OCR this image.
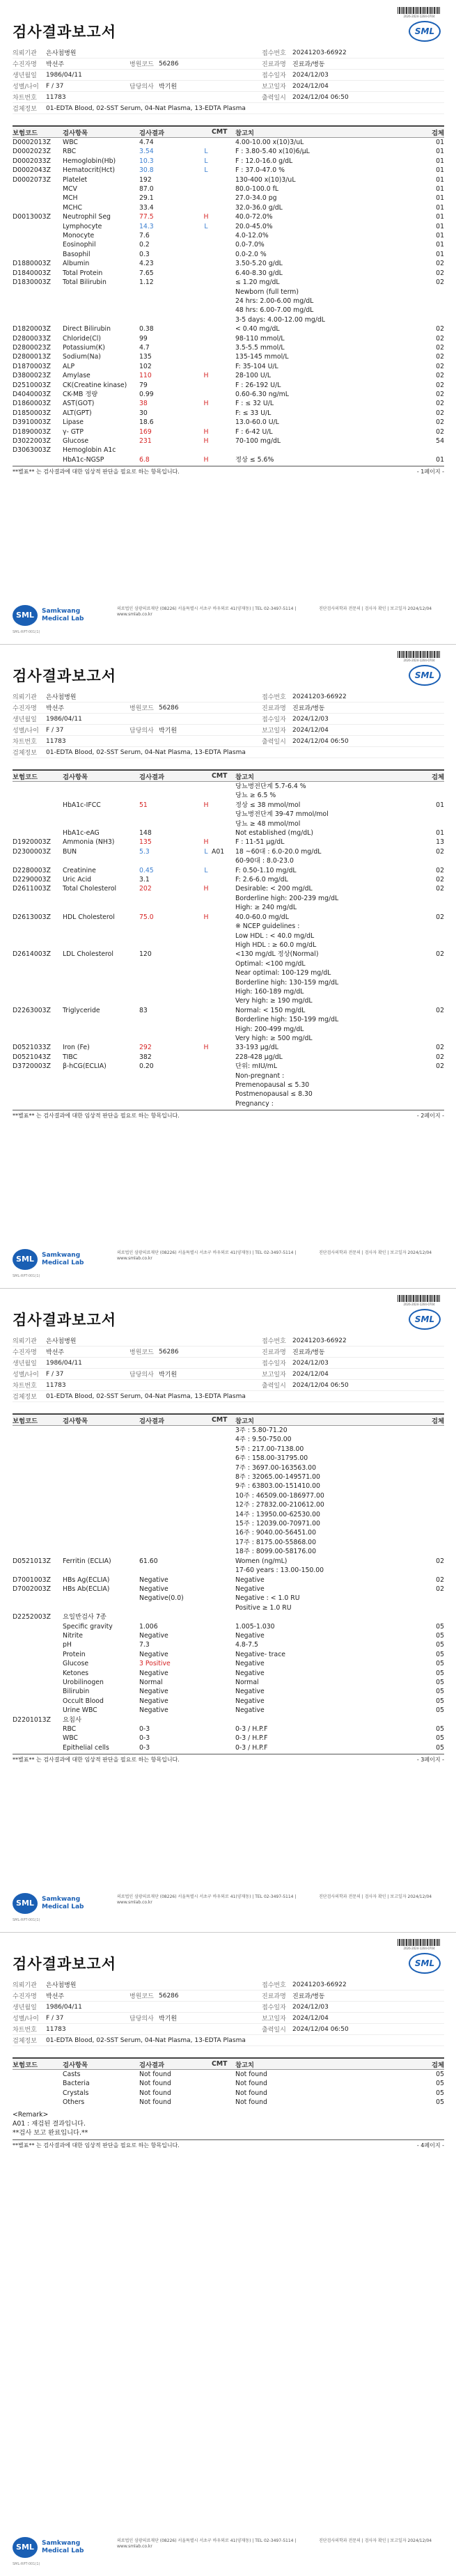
2026-2024-1204-0704
검사결과보고서	SML
의뢰기관	은사첨병원	접수번호	20241203-66922
수진자명	박선주	병원코드 56286	진료과명	진료과/병동
생년월일	1986/04/11	접수일자	2024/12/03
성별/나이	F / 37	담당의사 박기원	보고일자	2024/12/04
차트번호	11783	출력일시	2024/12/04 06:50
검체정보	01-EDTA Blood, 02-SST Serum, 04-Nat Plasma, 13-EDTA Plasma
보험코드	검사항목	검사결과	CMT	참고치	검체
D0002013Z	WBC	4.74	4.00-10.00 x(10)3/uL	01
D0002023Z	RBC	3.54	L	F : 3.80-5.40 x(10)6/μL	01
D0002033Z	Hemoglobin(Hb)	10.3	L	F : 12.0-16.0 g/dL	01
D0002043Z	Hematocrit(Hct)	30.8	L	F : 37.0-47.0 %	01
D0002073Z	Platelet	192	130-400 x(10)3/uL	01
MCV	87.0	80.0-100.0 fL	01
MCH	29.1	27.0-34.0 pg	01
MCHC	33.4	32.0-36.0 g/dL	01
D0013003Z	Neutrophil Seg	77.5	H	40.0-72.0%	01
Lymphocyte	14.3	L	20.0-45.0%	01
Monocyte	7.6	4.0-12.0%	01
Eosinophil	0.2	0.0-7.0%	01
Basophil	0.3	0.0-2.0 %	01
D1880003Z	Albumin	4.23	3.50-5.20 g/dL	02
D1840003Z	Total Protein	7.65	6.40-8.30 g/dL	02
D1830003Z	Total Bilirubin	1.12	≤ 1.20 mg/dL	02
Newborn (full term)
24 hrs: 2.00-6.00 mg/dL
48 hrs: 6.00-7.00 mg/dL
3-5 days: 4.00-12.00 mg/dL
D1820003Z	Direct Bilirubin	0.38	< 0.40 mg/dL	02
D2800033Z	Chloride(Cl)	99	98-110 mmol/L	02
D2800023Z	Potassium(K)	4.7	3.5-5.5 mmol/L	02
D2800013Z	Sodium(Na)	135	135-145 mmol/L	02
D1870003Z	ALP	102	F: 35-104 U/L	02
D3800023Z	Amylase	110	H	28-100 U/L	02
D2510003Z	CK(Creatine kinase)	79	F : 26-192 U/L	02
D4040003Z	CK-MB 정량	0.99	0.60-6.30 ng/mL	02
D1860003Z	AST(GOT)	38	H	F : ≤ 32 U/L	02
D1850003Z	ALT(GPT)	30	F: ≤ 33 U/L	02
D3910003Z	Lipase	18.6	13.0-60.0 U/L	02
D1890003Z	γ- GTP	169	H	F : 6-42 U/L	02
D3022003Z	Glucose	231	H	70-100 mg/dL	54
D3063003Z	Hemoglobin A1c
HbA1c-NGSP	6.8	H	정상 ≤ 5.6%	01
**별표** 는 검사결과에 대한 임상적 판단을 필요로 하는 항목입니다.	- 1페이지 -
SML	Samkwang Medical Lab
의료법인 삼광의료재단 (08226) 서울특별시 서초구 바우뫼로 41(양재동) | TEL 02-3497-5114 | www.smlab.co.kr
진단검사의학과 전문의 | 검사자 확인 | 보고일자 2024/12/04
SML-RPT-001(1)
2026-2024-1204-0704
검사결과보고서	SML
의뢰기관	은사첨병원	접수번호	20241203-66922
수진자명	박선주	병원코드 56286	진료과명	진료과/병동
생년월일	1986/04/11	접수일자	2024/12/03
성별/나이	F / 37	담당의사 박기원	보고일자	2024/12/04
차트번호	11783	출력일시	2024/12/04 06:50
검체정보	01-EDTA Blood, 02-SST Serum, 04-Nat Plasma, 13-EDTA Plasma
보험코드	검사항목	검사결과	CMT	참고치	검체
당뇨병전단계 5.7-6.4 %
당뇨 ≥ 6.5 %
HbA1c-IFCC	51	H	정상 ≤ 38 mmol/mol	01
당뇨병전단계 39-47 mmol/mol
당뇨 ≥ 48 mmol/mol
HbA1c-eAG	148	Not established (mg/dL)	01
D1920003Z	Ammonia (NH3)	135	H	F : 11-51 μg/dL	13
D2300003Z	BUN	5.3	L A01	18 ~60대 : 6.0-20.0 mg/dL	02
60-90대 : 8.0-23.0
D2280003Z	Creatinine	0.45	L	F: 0.50-1.10 mg/dL	02
D2290003Z	Uric Acid	3.1	F: 2.6-6.0 mg/dL	02
D2611003Z	Total Cholesterol	202	H	Desirable: < 200 mg/dL	02
Borderline high: 200-239 mg/dL
High: ≥ 240 mg/dL
D2613003Z	HDL Cholesterol	75.0	H	40.0-60.0 mg/dL	02
※ NCEP guidelines :
Low HDL : < 40.0 mg/dL
High HDL : ≥ 60.0 mg/dL
D2614003Z	LDL Cholesterol	120	<130 mg/dL 정상(Normal)	02
Optimal: <100 mg/dL
Near optimal: 100-129 mg/dL
Borderline high: 130-159 mg/dL
High: 160-189 mg/dL
Very high: ≥ 190 mg/dL
D2263003Z	Triglyceride	83	Normal: < 150 mg/dL	02
Borderline high: 150-199 mg/dL
High: 200-499 mg/dL
Very high: ≥ 500 mg/dL
D0521033Z	Iron (Fe)	292	H	33-193 μg/dL	02
D0521043Z	TIBC	382	228-428 μg/dL	02
D3720003Z	β-hCG(ECLIA)	0.20	단위: mIU/mL	02
Non-pregnant :
Premenopausal ≤ 5.30
Postmenopausal ≤ 8.30
Pregnancy :
**별표** 는 검사결과에 대한 임상적 판단을 필요로 하는 항목입니다.	- 2페이지 -
SML	Samkwang Medical Lab
의료법인 삼광의료재단 (08226) 서울특별시 서초구 바우뫼로 41(양재동) | TEL 02-3497-5114 | www.smlab.co.kr
진단검사의학과 전문의 | 검사자 확인 | 보고일자 2024/12/04
SML-RPT-001(1)
2026-2024-1204-0704
검사결과보고서	SML
의뢰기관	은사첨병원	접수번호	20241203-66922
수진자명	박선주	병원코드 56286	진료과명	진료과/병동
생년월일	1986/04/11	접수일자	2024/12/03
성별/나이	F / 37	담당의사 박기원	보고일자	2024/12/04
차트번호	11783	출력일시	2024/12/04 06:50
검체정보	01-EDTA Blood, 02-SST Serum, 04-Nat Plasma, 13-EDTA Plasma
보험코드	검사항목	검사결과	CMT	참고치	검체
3주 : 5.80-71.20
4주 : 9.50-750.00
5주 : 217.00-7138.00
6주 : 158.00-31795.00
7주 : 3697.00-163563.00
8주 : 32065.00-149571.00
9주 : 63803.00-151410.00
10주 : 46509.00-186977.00
12주 : 27832.00-210612.00
14주 : 13950.00-62530.00
15주 : 12039.00-70971.00
16주 : 9040.00-56451.00
17주 : 8175.00-55868.00
18주 : 8099.00-58176.00
D0521013Z	Ferritin (ECLIA)	61.60	Women (ng/mL)	02
17-60 years : 13.00-150.00
D7001003Z	HBs Ag(ECLIA)	Negative	Negative	02
D7002003Z	HBs Ab(ECLIA)	Negative	Negative	02
Negative(0.0)	Negative : < 1.0 RU
Positive ≥ 1.0 RU
D2252003Z	요일반검사 7종
Specific gravity	1.006	1.005-1.030	05
Nitrite	Negative	Negative	05
pH	7.3	4.8-7.5	05
Protein	Negative	Negative- trace	05
Glucose	3 Positive	Negative	05
Ketones	Negative	Negative	05
Urobilinogen	Normal	Normal	05
Bilirubin	Negative	Negative	05
Occult Blood	Negative	Negative	05
Urine WBC	Negative	Negative	05
D2201013Z	요침사
RBC	0-3	0-3 / H.P.F	05
WBC	0-3	0-3 / H.P.F	05
Epithelial cells	0-3	0-3 / H.P.F	05
**별표** 는 검사결과에 대한 임상적 판단을 필요로 하는 항목입니다.	- 3페이지 -
SML	Samkwang Medical Lab
의료법인 삼광의료재단 (08226) 서울특별시 서초구 바우뫼로 41(양재동) | TEL 02-3497-5114 | www.smlab.co.kr
진단검사의학과 전문의 | 검사자 확인 | 보고일자 2024/12/04
SML-RPT-001(1)
2026-2024-1204-0704
검사결과보고서	SML
의뢰기관	은사첨병원	접수번호	20241203-66922
수진자명	박선주	병원코드 56286	진료과명	진료과/병동
생년월일	1986/04/11	접수일자	2024/12/03
성별/나이	F / 37	담당의사 박기원	보고일자	2024/12/04
차트번호	11783	출력일시	2024/12/04 06:50
검체정보	01-EDTA Blood, 02-SST Serum, 04-Nat Plasma, 13-EDTA Plasma
보험코드	검사항목	검사결과	CMT	참고치	검체
Casts	Not found	Not found	05
Bacteria	Not found	Not found	05
Crystals	Not found	Not found	05
Others	Not found	Not found	05
<Remark>
A01 : 재검된 결과입니다.
**검사 보고 완료입니다.**
**별표** 는 검사결과에 대한 임상적 판단을 필요로 하는 항목입니다.	- 4페이지 -
SML	Samkwang Medical Lab
의료법인 삼광의료재단 (08226) 서울특별시 서초구 바우뫼로 41(양재동) | TEL 02-3497-5114 | www.smlab.co.kr
진단검사의학과 전문의 | 검사자 확인 | 보고일자 2024/12/04
SML-RPT-001(1)
